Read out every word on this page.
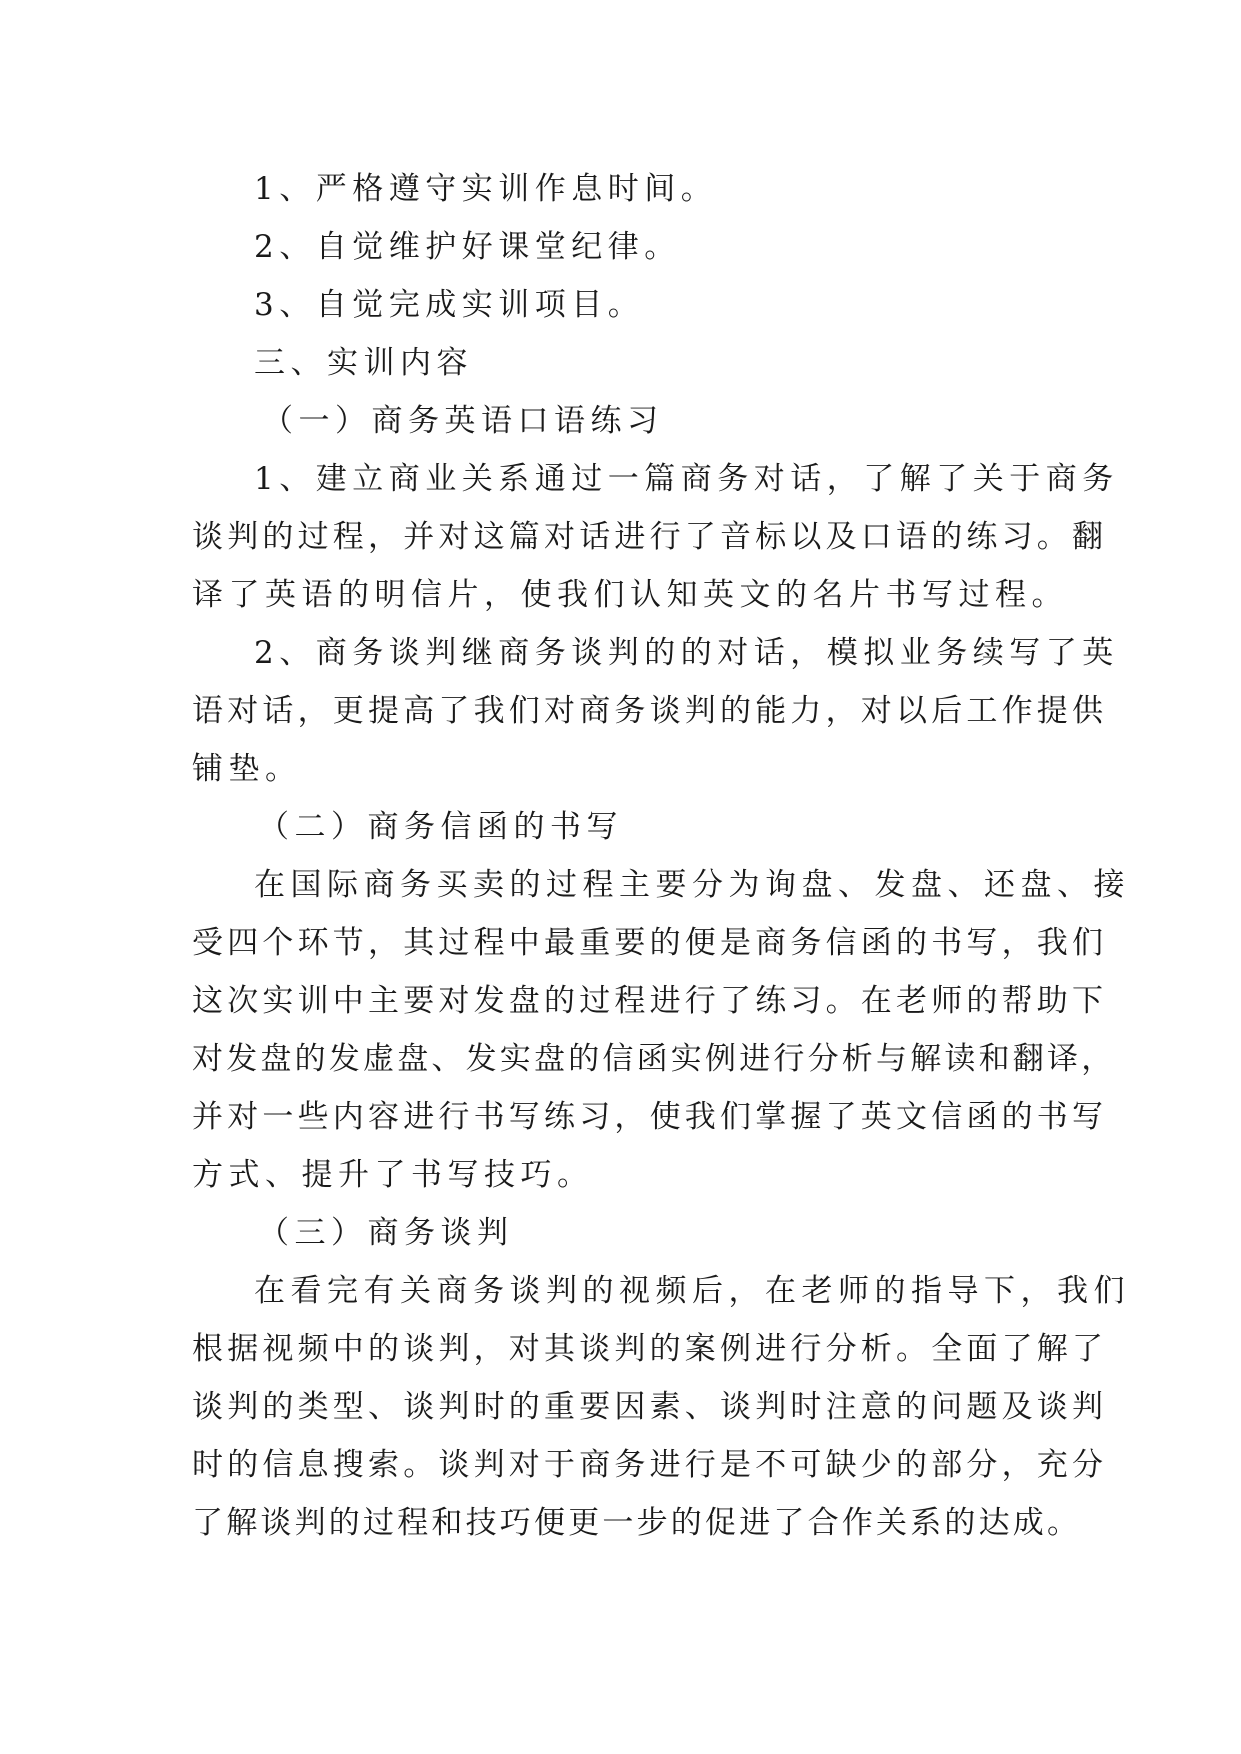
1、严格遵守实训作息时间。
2、自觉维护好课堂纪律。
3、自觉完成实训项目。
三、实训内容
（一）商务英语口语练习
1、建立商业关系通过一篇商务对话，了解了关于商务
谈判的过程，并对这篇对话进行了音标以及口语的练习。翻
译了英语的明信片，使我们认知英文的名片书写过程。
2、商务谈判继商务谈判的的对话，模拟业务续写了英
语对话，更提高了我们对商务谈判的能力，对以后工作提供
铺垫。
（二）商务信函的书写
在国际商务买卖的过程主要分为询盘、发盘、还盘、接
受四个环节，其过程中最重要的便是商务信函的书写，我们
这次实训中主要对发盘的过程进行了练习。在老师的帮助下
对发盘的发虚盘、发实盘的信函实例进行分析与解读和翻译，
并对一些内容进行书写练习，使我们掌握了英文信函的书写
方式、提升了书写技巧。
（三）商务谈判
在看完有关商务谈判的视频后，在老师的指导下，我们
根据视频中的谈判，对其谈判的案例进行分析。全面了解了
谈判的类型、谈判时的重要因素、谈判时注意的问题及谈判
时的信息搜索。谈判对于商务进行是不可缺少的部分，充分
了解谈判的过程和技巧便更一步的促进了合作关系的达成。
